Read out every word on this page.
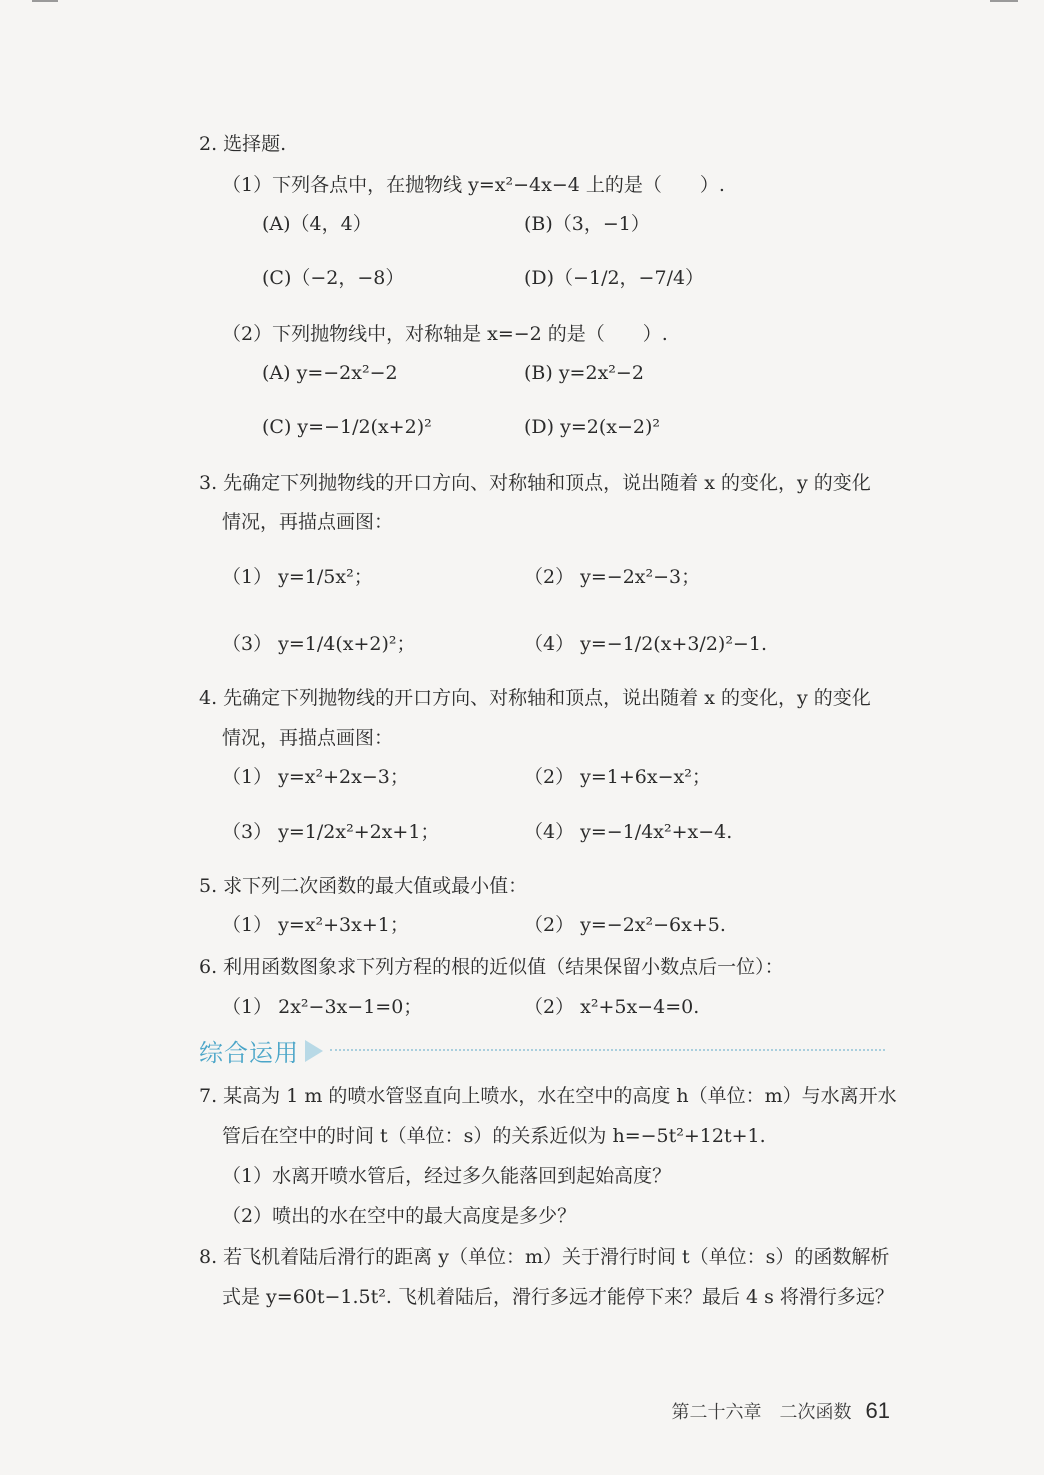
2. 选择题.
（1）下列各点中，在抛物线 y=x²−4x−4 上的是（　　）.
(A)（4，4）	(B)（3，−1）
(C)（−2，−8）	(D)（−1/2，−7/4）
（2）下列抛物线中，对称轴是 x=−2 的是（　　）.
(A) y=−2x²−2	(B) y=2x²−2
(C) y=−1/2(x+2)²	(D) y=2(x−2)²
3. 先确定下列抛物线的开口方向、对称轴和顶点，说出随着 x 的变化，y 的变化
情况，再描点画图：
（1） y=1/5x²；	（2） y=−2x²−3；
（3） y=1/4(x+2)²；	（4） y=−1/2(x+3/2)²−1.
4. 先确定下列抛物线的开口方向、对称轴和顶点，说出随着 x 的变化，y 的变化
情况，再描点画图：
（1） y=x²+2x−3；	（2） y=1+6x−x²；
（3） y=1/2x²+2x+1；	（4） y=−1/4x²+x−4.
5. 求下列二次函数的最大值或最小值：
（1） y=x²+3x+1；	（2） y=−2x²−6x+5.
6. 利用函数图象求下列方程的根的近似值（结果保留小数点后一位）：
（1） 2x²−3x−1=0；	（2） x²+5x−4=0.
综合运用
7. 某高为 1 m 的喷水管竖直向上喷水，水在空中的高度 h（单位：m）与水离开水
管后在空中的时间 t（单位：s）的关系近似为 h=−5t²+12t+1.
（1）水离开喷水管后，经过多久能落回到起始高度？
（2）喷出的水在空中的最大高度是多少？
8. 若飞机着陆后滑行的距离 y（单位：m）关于滑行时间 t（单位：s）的函数解析
式是 y=60t−1.5t². 飞机着陆后，滑行多远才能停下来？最后 4 s 将滑行多远？
第二十六章　二次函数 61
